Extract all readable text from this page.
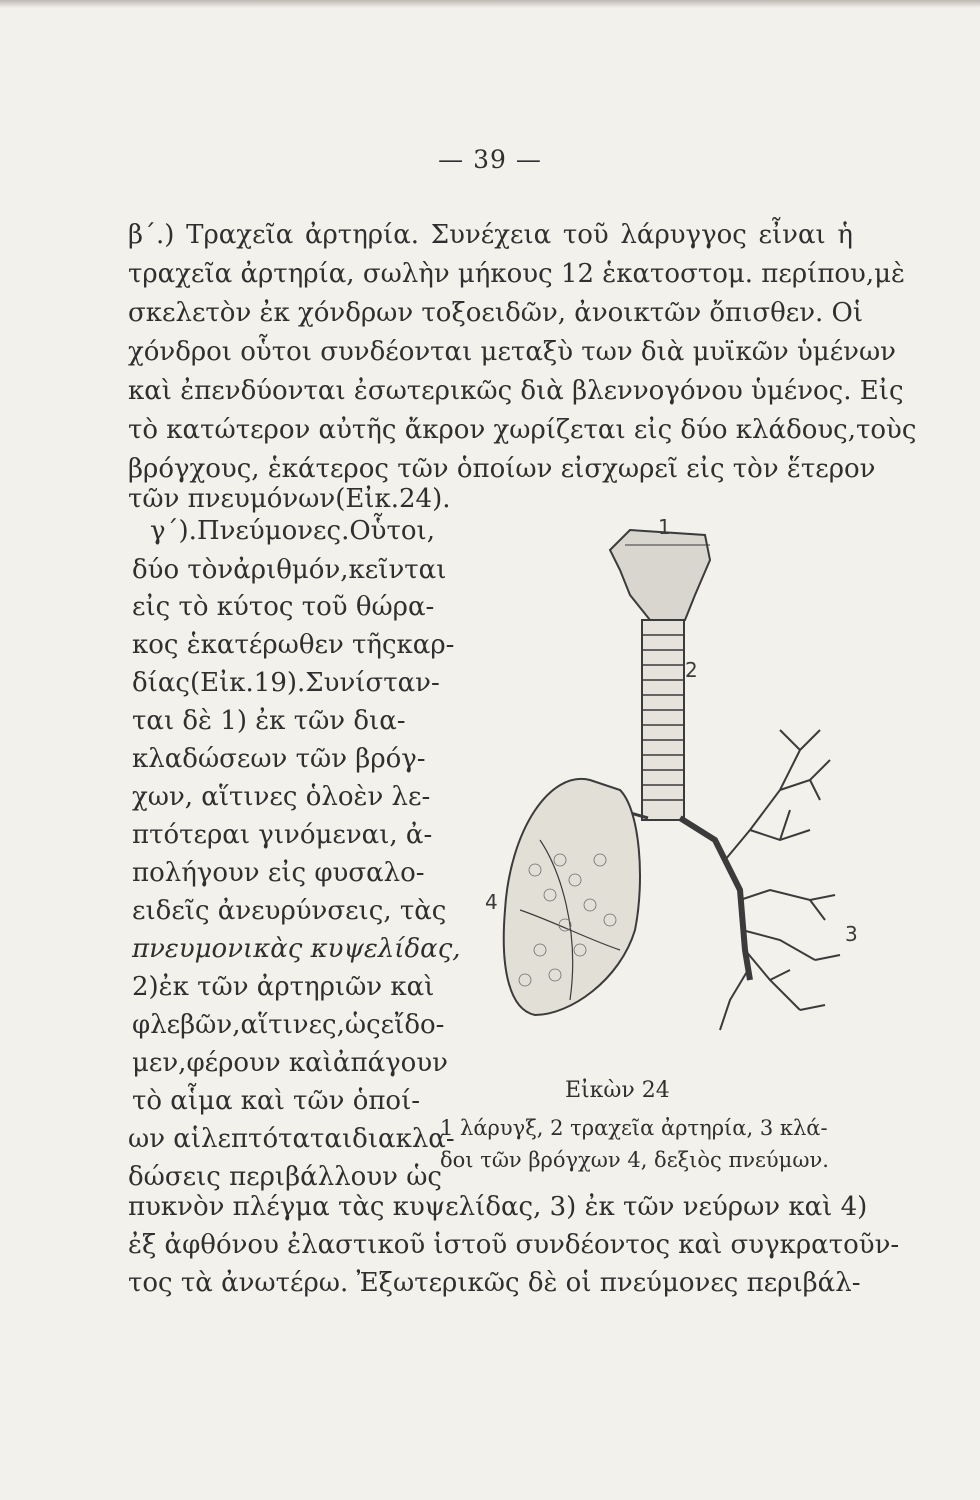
— 39 —
β΄.) Τραχεῖα ἀρτηρία. Συνέχεια τοῦ λάρυγγος εἶναι ἡ
τραχεῖα ἀρτηρία, σωλὴν μήκους 12 ἑκατοστομ. περίπου,μὲ
σκελετὸν ἐκ χόνδρων τοξοειδῶν, ἀνοικτῶν ὄπισθεν. Οἱ
χόνδροι οὗτοι συνδέονται μεταξὺ των διὰ μυϊκῶν ὑμένων
καὶ ἐπενδύονται ἐσωτερικῶς διὰ βλεννογόνου ὑμένος. Εἰς
τὸ κατώτερον αὐτῆς ἄκρον χωρίζεται εἰς δύο κλάδους,τοὺς
βρόγχους, ἑκάτερος τῶν ὁποίων εἰσχωρεῖ εἰς τὸν ἕτερον
τῶν πνευμόνων(Εἰκ.24).
γ΄).Πνεύμονες.Οὗτοι,
δύο τὸνἀριθμόν,κεῖνται
εἰς τὸ κύτος τοῦ θώρα-
κος ἑκατέρωθεν τῆςκαρ-
δίας(Εἰκ.19).Συνίσταν-
ται δὲ 1) ἐκ τῶν δια-
κλαδώσεων τῶν βρόγ-
χων, αἵτινες ὁλοὲν λε-
πτότεραι γινόμεναι, ἀ-
πολήγουν εἰς φυσαλο-
ειδεῖς ἀνευρύνσεις, τὰς
πνευμονικὰς κυψελίδας,
2)ἐκ τῶν ἀρτηριῶν καὶ
φλεβῶν,αἵτινες,ὡςεἴδο-
μεν,φέρουν καὶἀπάγουν
τὸ αἷμα καὶ τῶν ὁποί-
ων αἱλεπτόταταιδιακλα-
δώσεις περιβάλλουν ὡς
1
2
3
4
Εἰκὼν 24
1 λάρυγξ, 2 τραχεῖα ἀρτηρία, 3 κλά-
δοι τῶν βρόγχων 4, δεξιὸς πνεύμων.
πυκνὸν πλέγμα τὰς κυψελίδας, 3) ἐκ τῶν νεύρων καὶ 4)
ἐξ ἀφθόνου ἐλαστικοῦ ἱστοῦ συνδέοντος καὶ συγκρατοῦν-
τος τὰ ἀνωτέρω. Ἐξωτερικῶς δὲ οἱ πνεύμονες περιβάλ-
